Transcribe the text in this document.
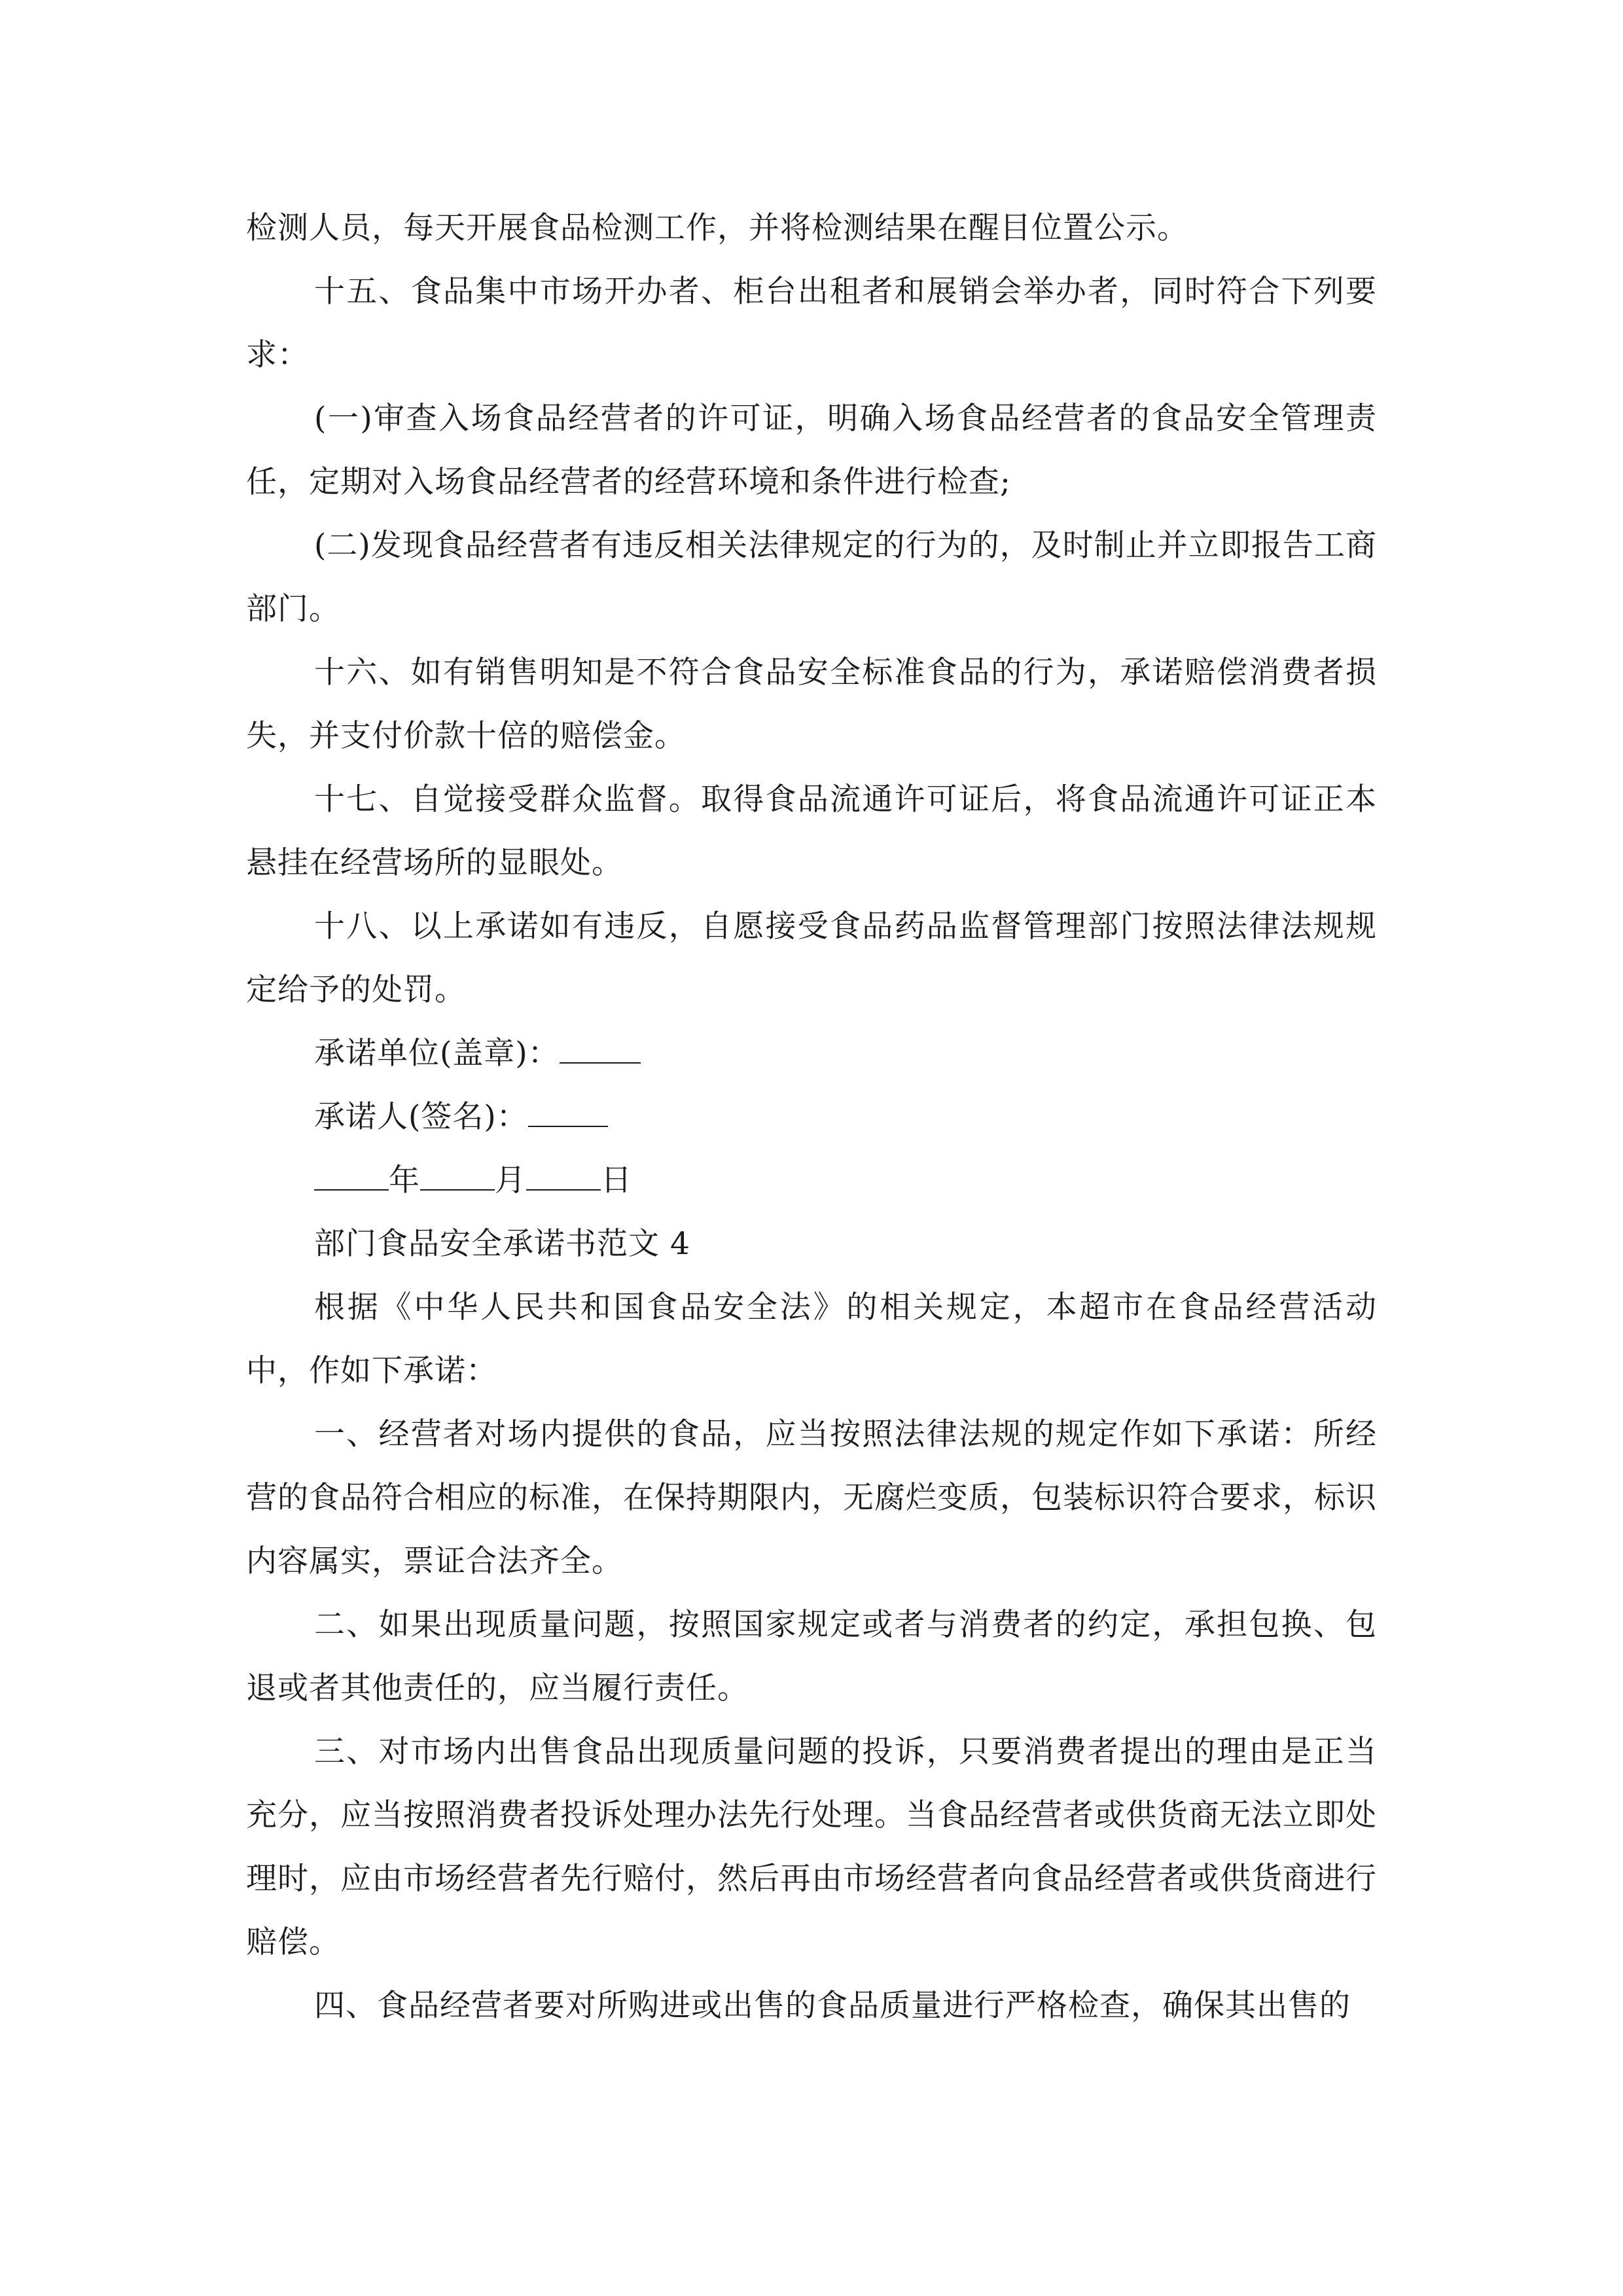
检测人员，每天开展食品检测工作，并将检测结果在醒目位置公示。

十五、食品集中市场开办者、柜台出租者和展销会举办者，同时符合下列要求：

(一)审查入场食品经营者的许可证，明确入场食品经营者的食品安全管理责任，定期对入场食品经营者的经营环境和条件进行检查;

(二)发现食品经营者有违反相关法律规定的行为的，及时制止并立即报告工商部门。

十六、如有销售明知是不符合食品安全标准食品的行为，承诺赔偿消费者损失，并支付价款十倍的赔偿金。

十七、自觉接受群众监督。取得食品流通许可证后，将食品流通许可证正本悬挂在经营场所的显眼处。

十八、以上承诺如有违反，自愿接受食品药品监督管理部门按照法律法规规定给予的处罚。

承诺单位(盖章)：

承诺人(签名)：

年 月 日

部门食品安全承诺书范文 4

根据《中华人民共和国食品安全法》的相关规定，本超市在食品经营活动中，作如下承诺：

一、经营者对场内提供的食品，应当按照法律法规的规定作如下承诺：所经营的食品符合相应的标准，在保持期限内，无腐烂变质，包装标识符合要求，标识内容属实，票证合法齐全。

二、如果出现质量问题，按照国家规定或者与消费者的约定，承担包换、包退或者其他责任的，应当履行责任。

三、对市场内出售食品出现质量问题的投诉，只要消费者提出的理由是正当充分，应当按照消费者投诉处理办法先行处理。当食品经营者或供货商无法立即处理时，应由市场经营者先行赔付，然后再由市场经营者向食品经营者或供货商进行赔偿。

四、食品经营者要对所购进或出售的食品质量进行严格检查，确保其出售的
